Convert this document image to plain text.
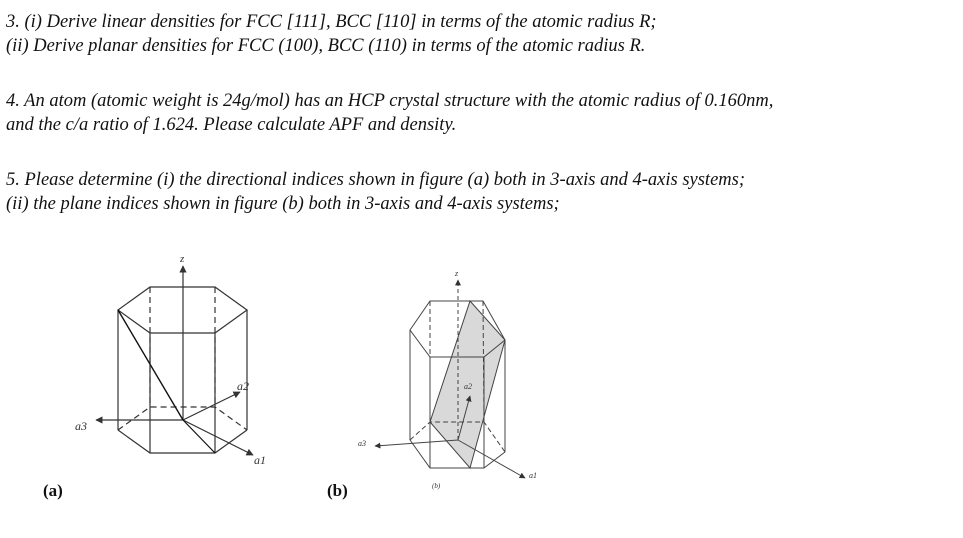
3. (i) Derive linear densities for FCC [111], BCC [110] in terms of the atomic radius R;
(ii) Derive planar densities for FCC (100), BCC (110) in terms of the atomic radius R.
4. An atom (atomic weight is 24g/mol) has an HCP crystal structure with the atomic radius of 0.160nm,
and the c/a ratio of 1.624. Please calculate APF and density.
5. Please determine (i) the directional indices shown in figure (a) both in 3-axis and 4-axis systems;
(ii) the plane indices shown in figure (b) both in 3-axis and 4-axis systems;
z
a1
a2
a3
z
a1
a2
a3
(b)
(a)	(b)
